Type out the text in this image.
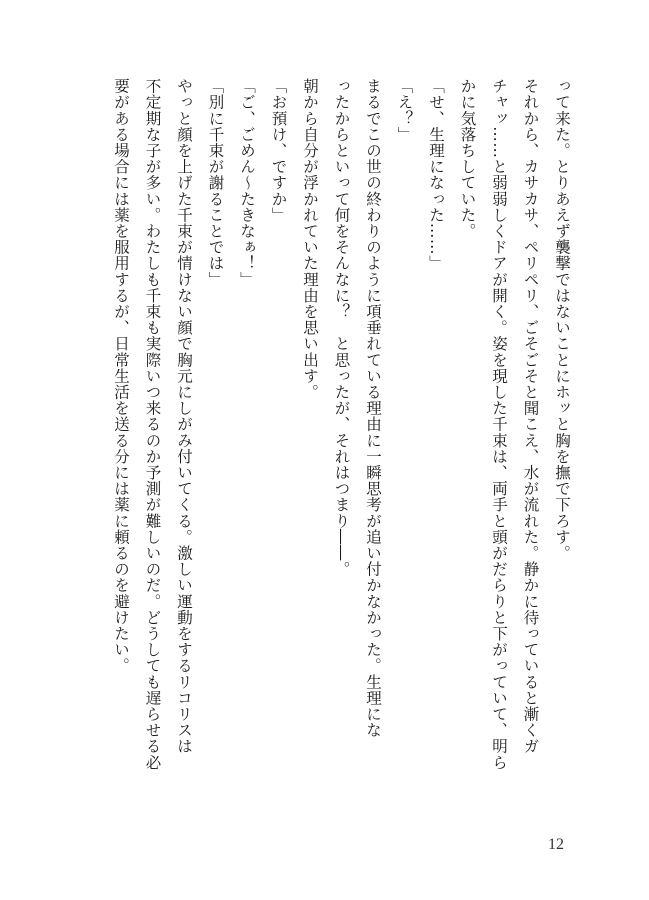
って来た。とりあえず襲撃ではないことにホッと胸を撫で下ろす。

それから、カサカサ、ペリペリ、ごそごそと聞こえ、水が流れた。静かに待っていると漸くガ

チャッ……と弱弱しくドアが開く。姿を現した千束は、両手と頭がだらりと下がっていて、明ら

かに気落ちしていた。

「せ、生理になった……」

「え？」

まるでこの世の終わりのように項垂れている理由に一瞬思考が追い付かなかった。生理にな

ったからといって何をそんなに？　と思ったが、それはつまり――。

朝から自分が浮かれていた理由を思い出す。

「お預け、ですか」

「ご、ごめん〜たきなぁ！」

「別に千束が謝ることでは」

やっと顔を上げた千束が情けない顔で胸元にしがみ付いてくる。激しい運動をするリコリスは

不定期な子が多い。わたしも千束も実際いつ来るのか予測が難しいのだ。どうしても遅らせる必

要がある場合には薬を服用するが、日常生活を送る分には薬に頼るのを避けたい。

12
